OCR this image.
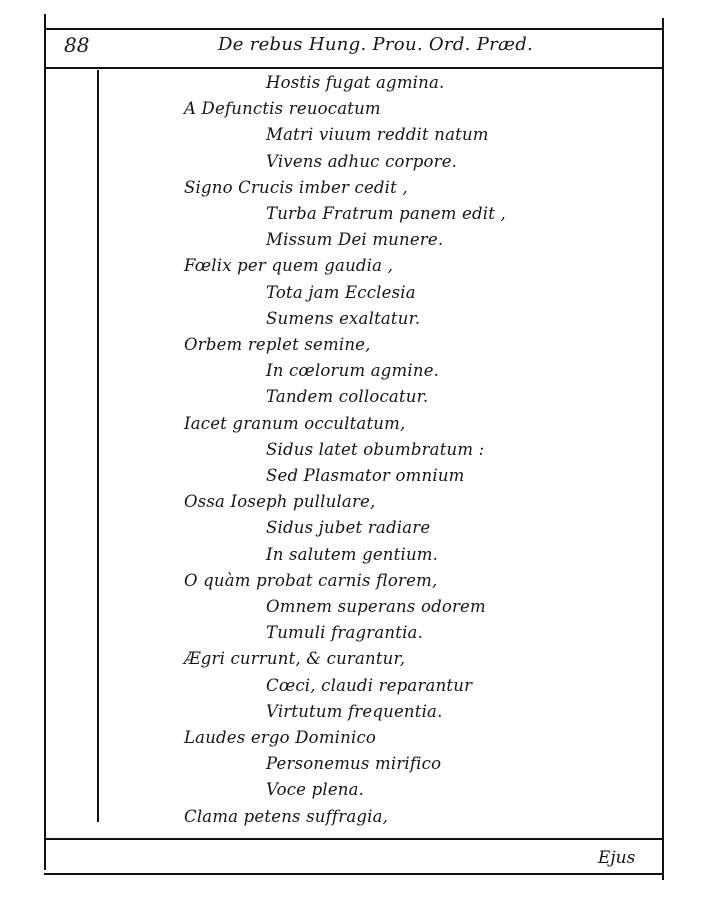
88	De rebus Hung. Prou. Ord. Præd.
Hostis fugat agmina.
A Defunctis reuocatum
Matri viuum reddit natum
Vivens adhuc corpore.
Signo Crucis imber cedit ,
Turba Fratrum panem edit ,
Missum Dei munere.
Fœlix per quem gaudia ,
Tota jam Ecclesia
Sumens exaltatur.
Orbem replet semine,
In cœlorum agmine.
Tandem collocatur.
Iacet granum occultatum,
Sidus latet obumbratum :
Sed Plasmator omnium
Ossa Ioseph pullulare,
Sidus jubet radiare
In salutem gentium.
O quàm probat carnis florem,
Omnem superans odorem
Tumuli fragrantia.
Ægri currunt, & curantur,
Cœci, claudi reparantur
Virtutum frequentia.
Laudes ergo Dominico
Personemus mirifico
Voce plena.
Clama petens suffragia,
Ejus
